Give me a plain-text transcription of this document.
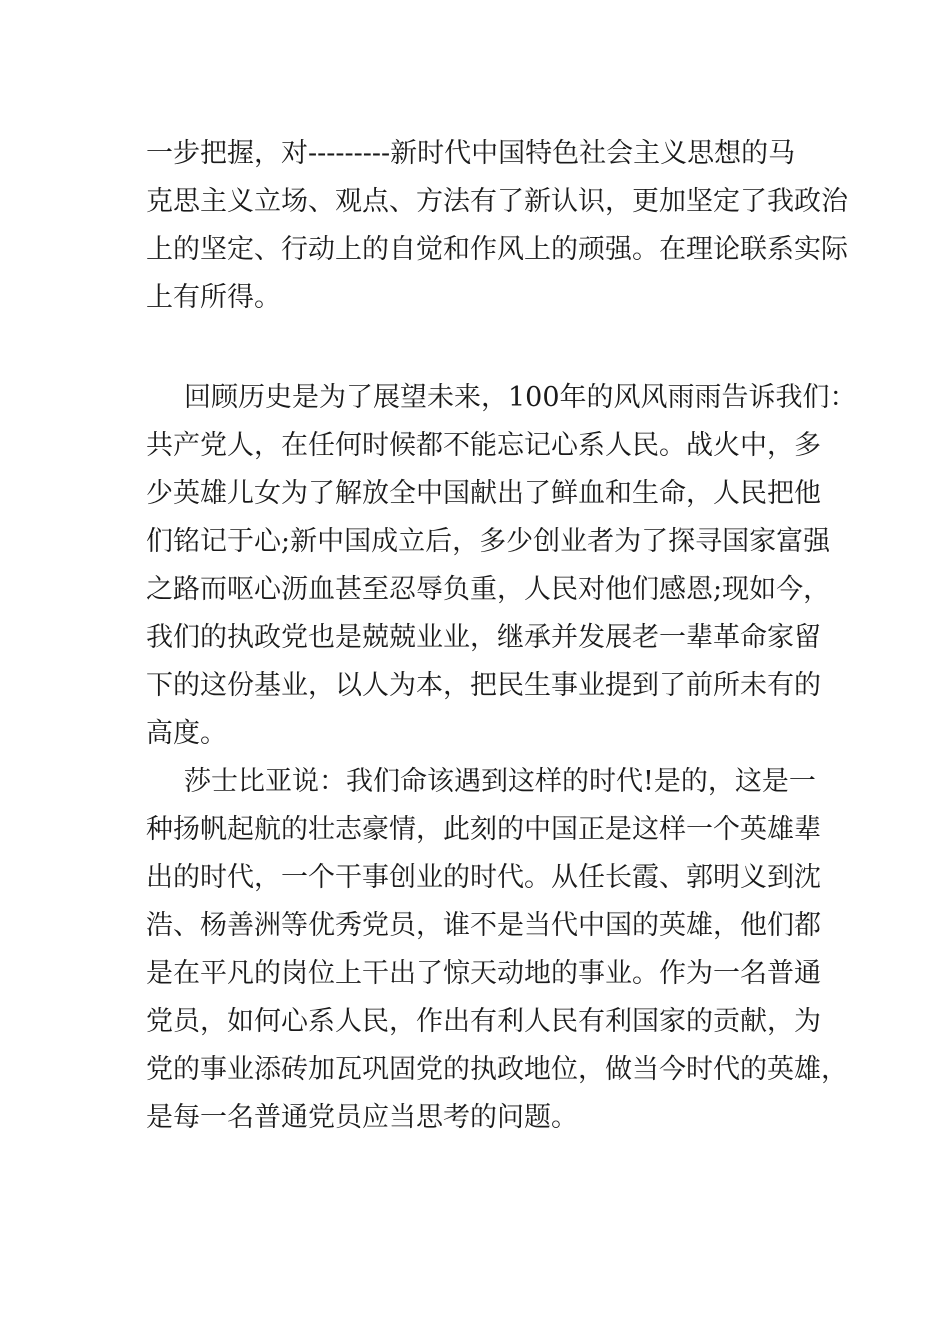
一步把握，对---------新时代中国特色社会主义思想的马
克思主义立场、观点、方法有了新认识，更加坚定了我政治
上的坚定、行动上的自觉和作风上的顽强。在理论联系实际
上有所得。
回顾历史是为了展望未来，100年的风风雨雨告诉我们：
共产党人，在任何时候都不能忘记心系人民。战火中，多
少英雄儿女为了解放全中国献出了鲜血和生命，人民把他
们铭记于心;新中国成立后，多少创业者为了探寻国家富强
之路而呕心沥血甚至忍辱负重，人民对他们感恩;现如今，
我们的执政党也是兢兢业业，继承并发展老一辈革命家留
下的这份基业，以人为本，把民生事业提到了前所未有的
高度。
莎士比亚说：我们命该遇到这样的时代!是的，这是一
种扬帆起航的壮志豪情，此刻的中国正是这样一个英雄辈
出的时代，一个干事创业的时代。从任长霞、郭明义到沈
浩、杨善洲等优秀党员，谁不是当代中国的英雄，他们都
是在平凡的岗位上干出了惊天动地的事业。作为一名普通
党员，如何心系人民，作出有利人民有利国家的贡献，为
党的事业添砖加瓦巩固党的执政地位，做当今时代的英雄，
是每一名普通党员应当思考的问题。
